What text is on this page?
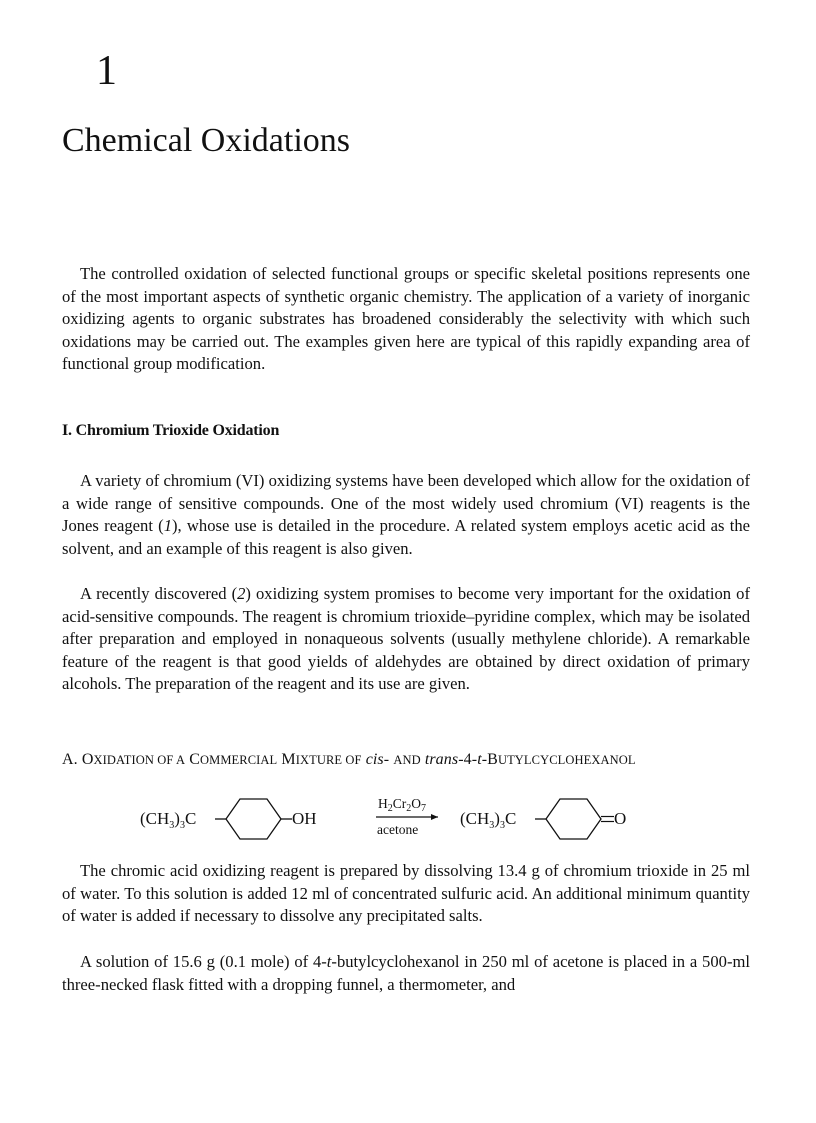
1
Chemical Oxidations

The controlled oxidation of selected functional groups or specific skeletal positions represents one of the most important aspects of synthetic organic chemistry. The application of a variety of inorganic oxidizing agents to organic substrates has broadened considerably the selectivity with which such oxidations may be carried out. The examples given here are typical of this rapidly expanding area of functional group modification.

I. Chromium Trioxide Oxidation

A variety of chromium (VI) oxidizing systems have been developed which allow for the oxidation of a wide range of sensitive compounds. One of the most widely used chromium (VI) reagents is the Jones reagent (1), whose use is detailed in the procedure. A related system employs acetic acid as the solvent, and an example of this reagent is also given.

A recently discovered (2) oxidizing system promises to become very important for the oxidation of acid-sensitive compounds. The reagent is chromium trioxide–pyridine complex, which may be isolated after preparation and employed in nonaqueous solvents (usually methylene chloride). A remarkable feature of the reagent is that good yields of aldehydes are obtained by direct oxidation of primary alcohols. The preparation of the reagent and its use are given.

A. OXIDATION OF A COMMERCIAL MIXTURE OF cis- AND trans-4-t-BUTYLCYCLOHEXANOL
$(CH_3)_3C$	OH
$H_2Cr_2O_7$
acetone
$(CH_3)_3C$	O

The chromic acid oxidizing reagent is prepared by dissolving 13.4 g of chromium trioxide in 25 ml of water. To this solution is added 12 ml of concentrated sulfuric acid. An additional minimum quantity of water is added if necessary to dissolve any precipitated salts.

A solution of 15.6 g (0.1 mole) of 4-t-butylcyclohexanol in 250 ml of acetone is placed in a 500-ml three-necked flask fitted with a dropping funnel, a thermometer, and
